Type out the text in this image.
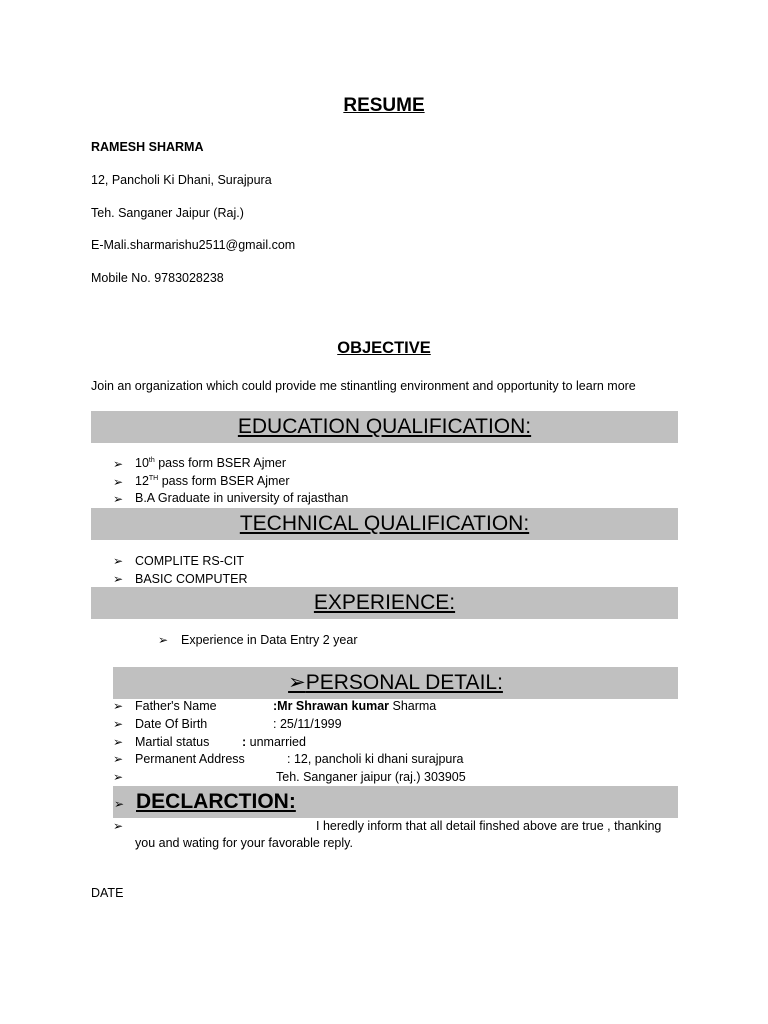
RESUME
RAMESH SHARMA
12, Pancholi Ki Dhani, Surajpura
Teh. Sanganer Jaipur (Raj.)
E-Mali.sharmarishu2511@gmail.com
Mobile No. 9783028238
OBJECTIVE
Join an organization which could provide me stinantling environment and opportunity to learn more
EDUCATION QUALIFICATION:
➢ 10th pass form BSER Ajmer
➢ 12TH pass form BSER Ajmer
➢ B.A Graduate in university of rajasthan
TECHNICAL QUALIFICATION:
➢ COMPLITE RS-CIT
➢ BASIC COMPUTER
EXPERIENCE:
➢ Experience in Data Entry 2 year
➢PERSONAL DETAIL:
➢ Father's Name	:Mr Shrawan kumar Sharma
➢ Date Of Birth	: 25/11/1999
➢ Martial status	: unmarried
➢ Permanent Address	: 12, pancholi ki dhani surajpura
➢	Teh. Sanganer jaipur (raj.) 303905
➢ DECLARCTION:
➢	I heredly inform that all detail finshed above are true , thanking
you and wating for your favorable reply.
DATE
